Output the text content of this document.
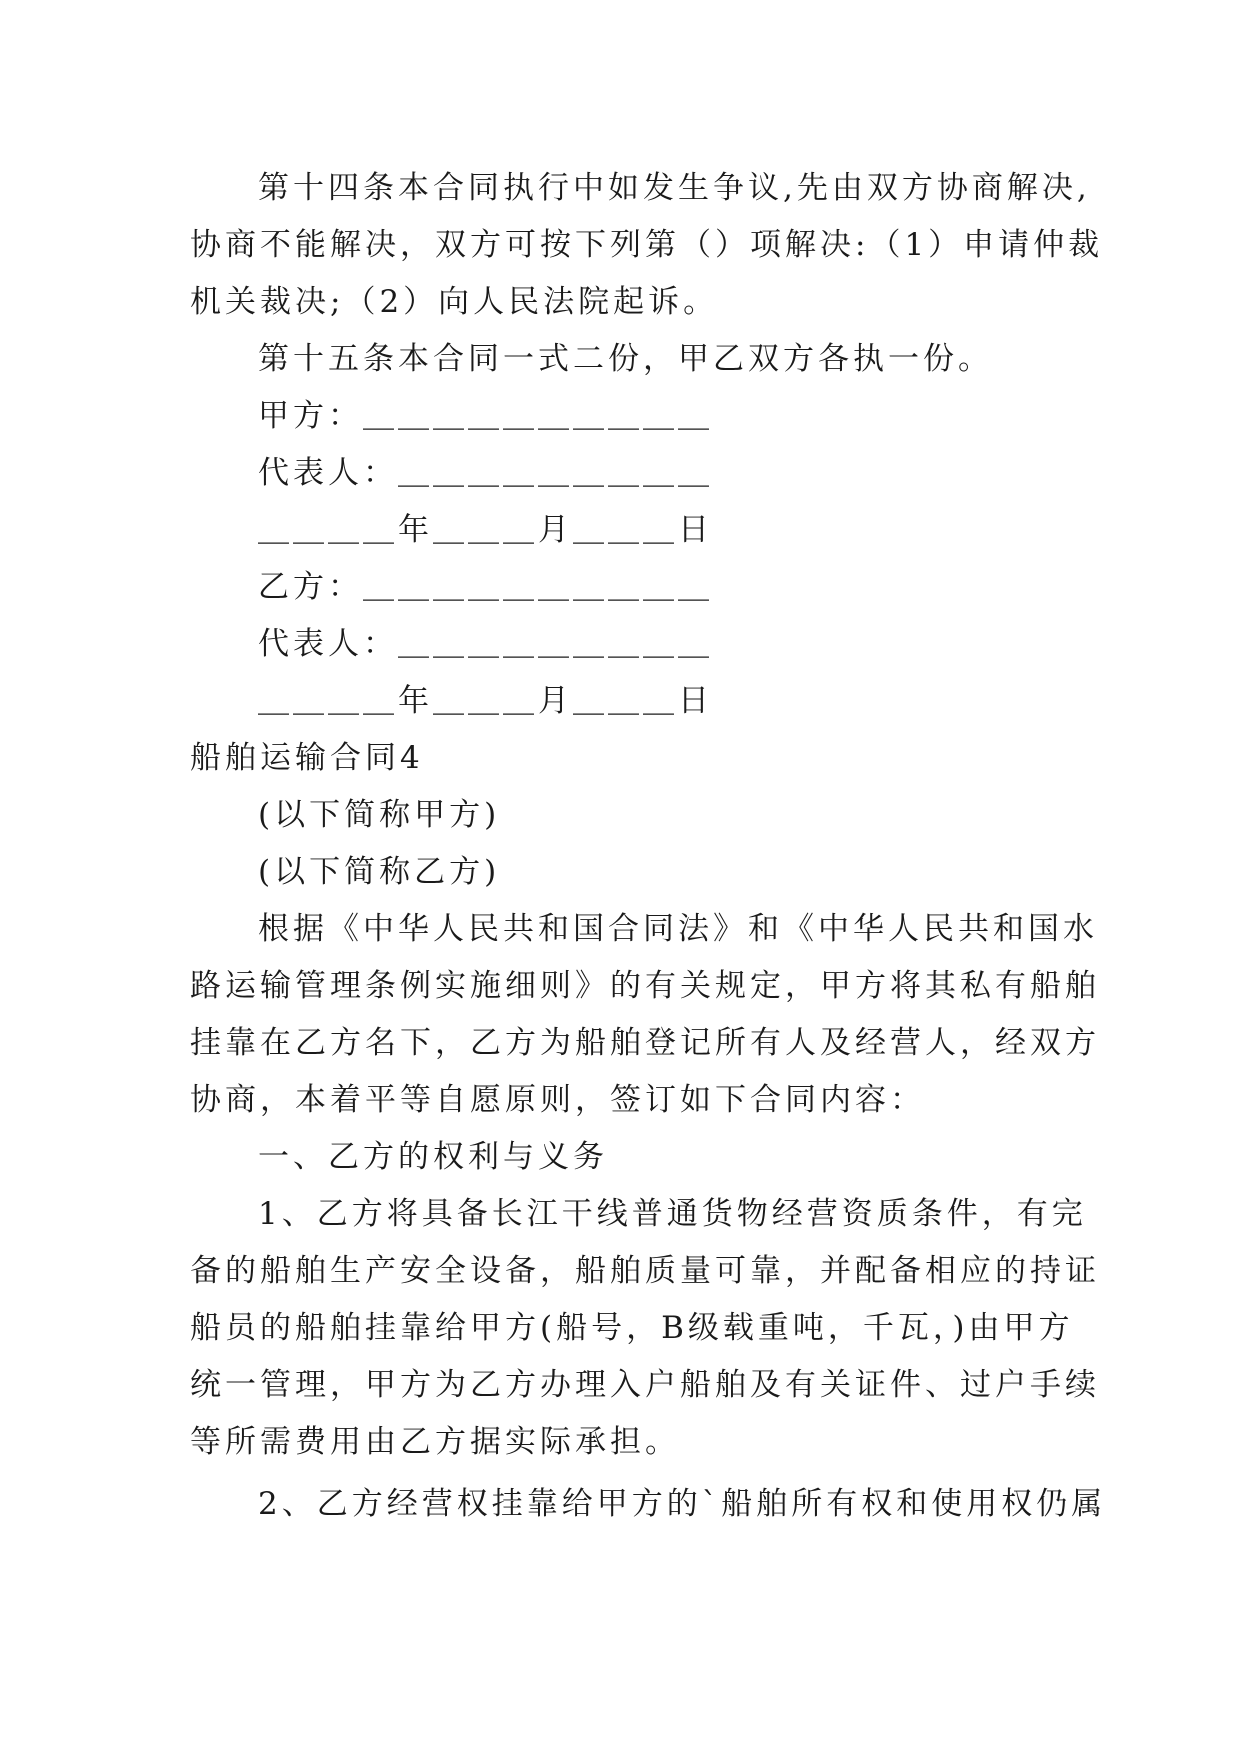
第十四条本合同执行中如发生争议,先由双方协商解决,
协商不能解决，双方可按下列第（）项解决:（1）申请仲裁
机关裁决;（2）向人民法院起诉。
第十五条本合同一式二份，甲乙双方各执一份。
甲方：＿＿＿＿＿＿＿＿＿＿
代表人：＿＿＿＿＿＿＿＿＿
＿＿＿＿年＿＿＿月＿＿＿日
乙方：＿＿＿＿＿＿＿＿＿＿
代表人：＿＿＿＿＿＿＿＿＿
＿＿＿＿年＿＿＿月＿＿＿日
船舶运输合同4
(以下简称甲方)
(以下简称乙方)
根据《中华人民共和国合同法》和《中华人民共和国水
路运输管理条例实施细则》的有关规定，甲方将其私有船舶
挂靠在乙方名下，乙方为船舶登记所有人及经营人，经双方
协商，本着平等自愿原则，签订如下合同内容：
一、乙方的权利与义务
1、乙方将具备长江干线普通货物经营资质条件，有完
备的船舶生产安全设备，船舶质量可靠，并配备相应的持证
船员的船舶挂靠给甲方(船号，B级载重吨，千瓦，)由甲方
统一管理，甲方为乙方办理入户船舶及有关证件、过户手续
等所需费用由乙方据实际承担。
2、乙方经营权挂靠给甲方的`船舶所有权和使用权仍属
